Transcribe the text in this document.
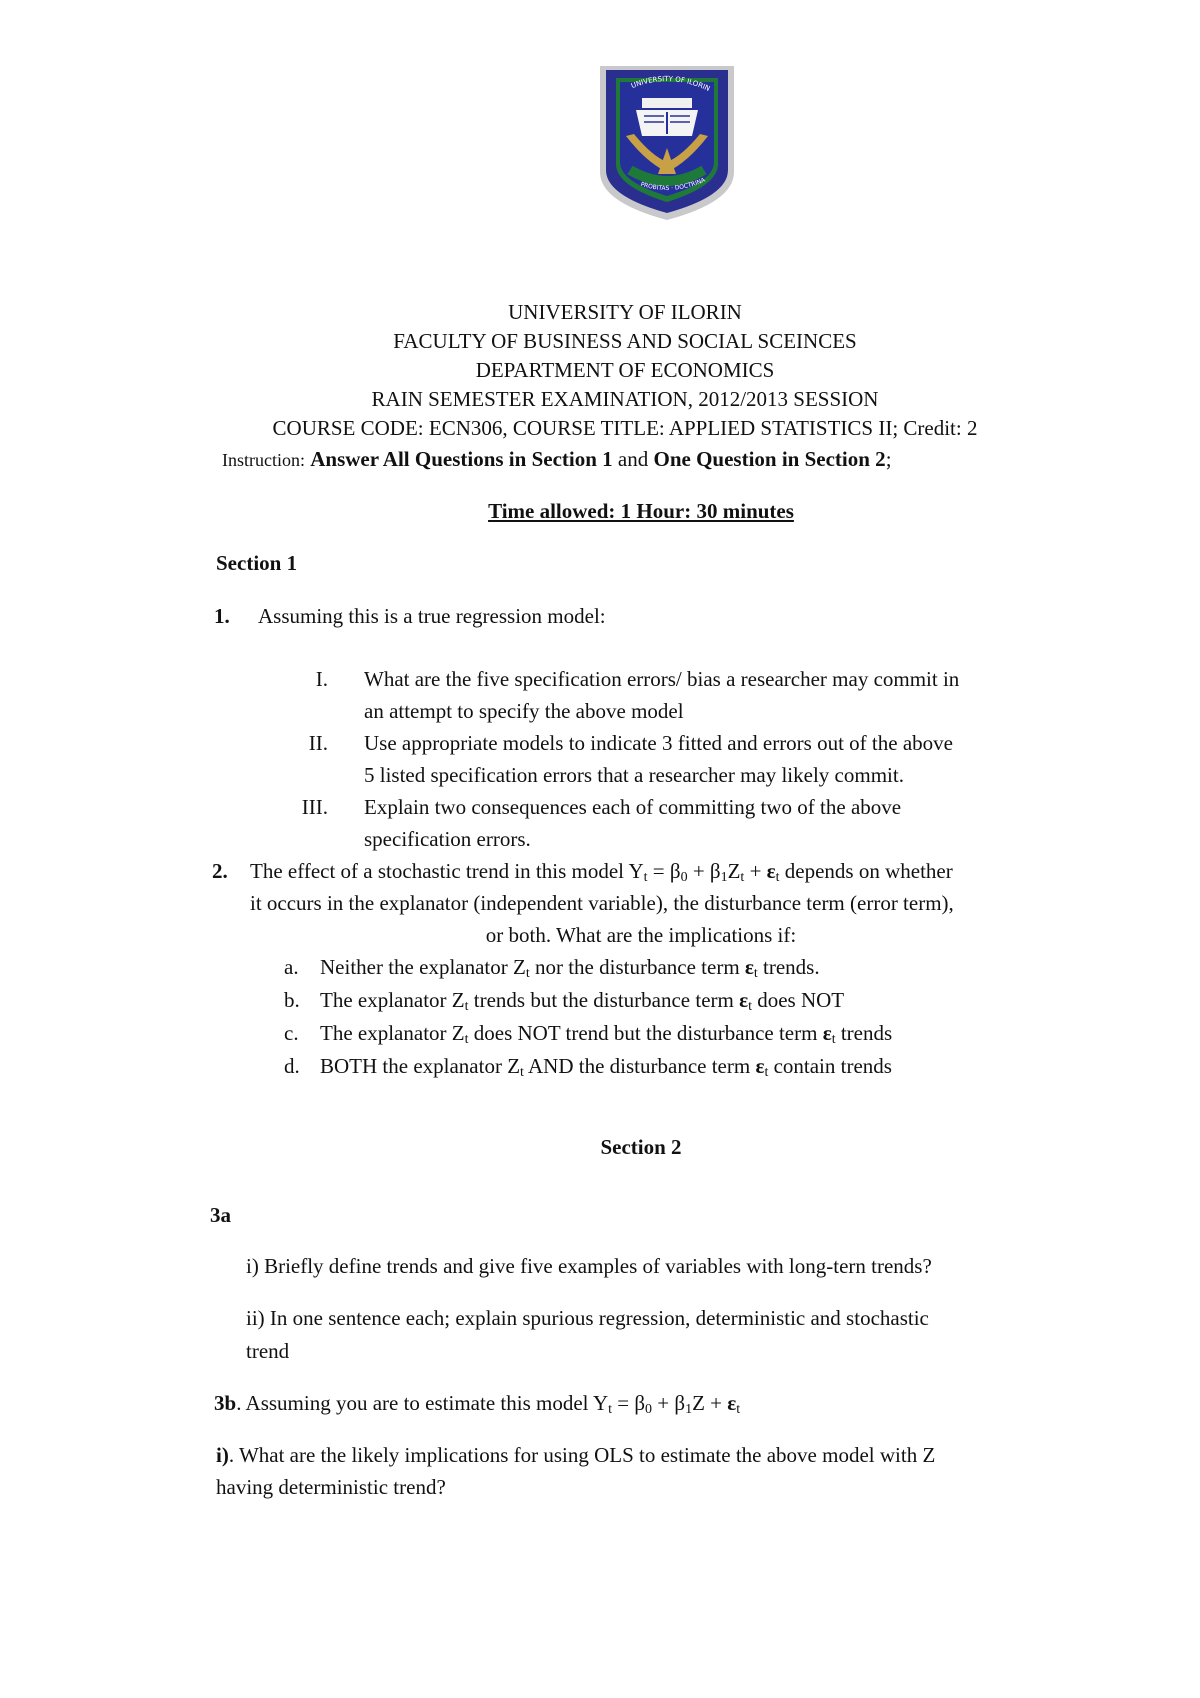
UNIVERSITY OF ILORIN
PROBITAS · DOCTRINA
UNIVERSITY OF ILORIN
FACULTY OF BUSINESS AND SOCIAL SCEINCES
DEPARTMENT OF ECONOMICS
RAIN SEMESTER EXAMINATION, 2012/2013 SESSION
COURSE CODE: ECN306, COURSE TITLE: APPLIED STATISTICS II; Credit: 2
Instruction: Answer All Questions in Section 1 and One Question in Section 2;
Time allowed: 1 Hour: 30 minutes
Section 1
1. Assuming this is a true regression model:
I. What are the five specification errors/ bias a researcher may commit in
an attempt to specify the above model
II. Use appropriate models to indicate 3 fitted and errors out of the above
5 listed specification errors that a researcher may likely commit.
III. Explain two consequences each of committing two of the above
specification errors.
2. The effect of a stochastic trend in this model $Y_t = \beta_0 + \beta_1Z_t + \varepsilon_t$ depends on whether
it occurs in the explanator (independent variable), the disturbance term (error term),
or both. What are the implications if:
a. Neither the explanator $Z_t$ nor the disturbance term $\varepsilon_t$ trends.
b. The explanator $Z_t$ trends but the disturbance term $\varepsilon_t$ does NOT
c. The explanator $Z_t$ does NOT trend but the disturbance term $\varepsilon_t$ trends
d. BOTH the explanator $Z_t$ AND the disturbance term $\varepsilon_t$ contain trends
Section 2
3a
i) Briefly define trends and give five examples of variables with long-tern trends?
ii) In one sentence each; explain spurious regression, deterministic and stochastic
trend
3b. Assuming you are to estimate this model $Y_t = \beta_0 + \beta_1Z + \varepsilon_t$
i). What are the likely implications for using OLS to estimate the above model with Z
having deterministic trend?
